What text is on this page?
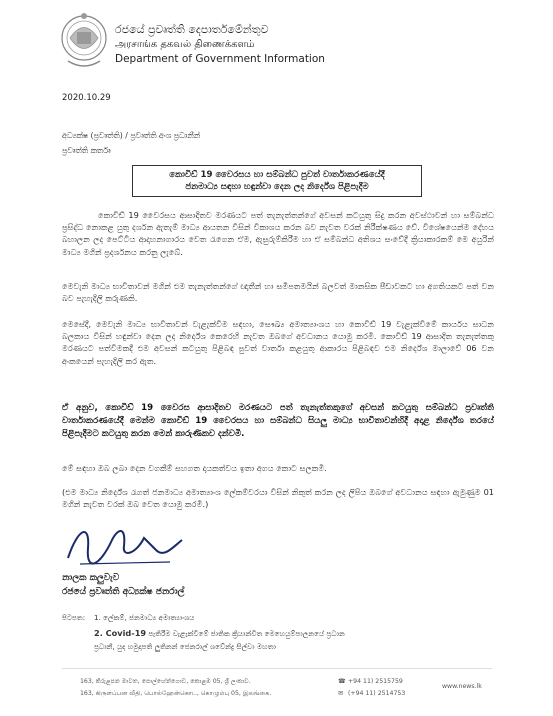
රජයේ ප්‍රවෘත්ති දෙපාර්තමේන්තුව
அரசாங்க தகவல் திணைக்களம்
Department of Government Information
2020.10.29
අධ්‍යක්ෂ (ප්‍රවෘත්ති) / ප්‍රවෘත්ති අංශ ප්‍රධානීන්
ප්‍රවෘත්ති කර්තෘ
කොවිඩ් 19 වෛරසය හා සම්බන්ධ පුවත් වාර්තාකරණයේදී
ජනමාධ්‍ය සඳහා හඳුන්වා දෙන ලද නිර්දේශ පිළිපැදීම
කොවිඩ් 19 වෛරසය ආසාදිතව මරණයට පත් තැනැත්තන්ගේ අවසන් කටයුතු සිදු කරන අවස්ථාවන් හා සම්බන්ධ ප්‍රසිද්ධ නොකළ යුතු දර්ශන ඇතැම් මාධ්‍ය ආයතන විසින් විකාශය කරන බව නැවත වරක් නිරීක්ෂණය වේ. විශේෂයෙන්ම දේහය බහාලන ලද පෙට්ටිය ආදාහනාගාරය වෙත රැගෙන ඒම, ඇසුරුම්කිරීම හා ඒ සම්බන්ධ අතිශය සංවේදී ක්‍රියාකාරකම් මෙ අයුරින් මාධ්‍ය මගින් ප්‍රදර්ශනය කරනු ලැබේ.
මෙවැනි මාධ්‍ය භාවිතාවන් මගින් එම තැනැත්තන්ගේ ඥාතීන් හා සමීපතමයින් බලවත් මානසික පීඩාවකට හා අගතියකට පත් වන බව පැහැදිලි කරුණකි.
මෙසේදී, මෙවැනි මාධ්‍ය භාවිතාවන් වැළැක්වීම සඳහා, සෞඛ්‍ය අමාත්‍යාංශය හා කොවිඩ් 19 වැළැක්වීමේ කාර්යය සාධන බලකාය විසින් හඳුන්වා දෙන ලද නිර්දේශ කෙරෙහි නැවත ඔබගේ අවධානය යොමු කරමි. කොවිඩ් 19 ආසාදිත තැනැත්තකු මරණයට පත්වීමකදී එම අවසන් කටයුතු පිළිබඳ පුවත් වාර්තා කළයුතු ආකාරය පිළිබඳව එම නිර්දේශ මාලාවේ 06 වන අංකයෙන් පැහැදිලි කර ඇත.
ඒ අනුව, කොවිඩ් 19 වෛරස ආසාදිතව මරණයට පත් තැනැත්තකුගේ අවසන් කටයුතු සම්බන්ධ ප්‍රවෘත්ති වාර්තාකරණයේදී මෙන්ම කොවිඩ් 19 වෛරසය හා සම්බන්ධ සියලු මාධ්‍ය භාවිතාවන්හිදී අදාළ නිර්දේශ තරයේ පිළිපැදීමට කටයුතු කරන මෙන් කාරුණිකව දන්වමි.
මේ සඳහා ඔබ ලබා දෙන වගකීම් සහගත දායකත්වය ඉතා අගය කොට සලකමි.
(එම මාධ්‍ය නිර්දේශ රැගත් ජනමාධ්‍ය අමාත්‍යාංශ ලේකම්වරයා විසින් නිකුත් කරන ලද ලිපිය ඔබගේ අවධානය සඳහා ඇමුණුම 01 මගින් නැවත වරක් ඔබ වෙත යොමු කරමි.)
නාලක කලුවැව
රජයේ ප්‍රවෘත්ති අධ්‍යක්ෂ ජනරාල්
පිටපත: 1. ලේකම්, ජනමාධ්‍ය අමාත්‍යාංශය
2. Covid-19 පැතිරීම වැළැක්වීමේ ජාතික ක්‍රියාන්විත මෙහෙයුම්පාලනයේ ප්‍රධාන
ප්‍රධානී, යුද හමුදාපති ලුතිනන් ජෙනරාල් ශවේන්ද්‍ර සිල්වා මහතා
163, කිරුළපන මාවත, පොල්හේන්ගොඩ, කොළඹ 05, ශ්‍රී ලංකාව.
163, கிருளப்பன வீதி, பொல்ஹேன்கொட, கொழும்பு 05, இலங்கை.
☎ +94 11) 2515759
✉ (+94 11) 2514753
www.news.lk
